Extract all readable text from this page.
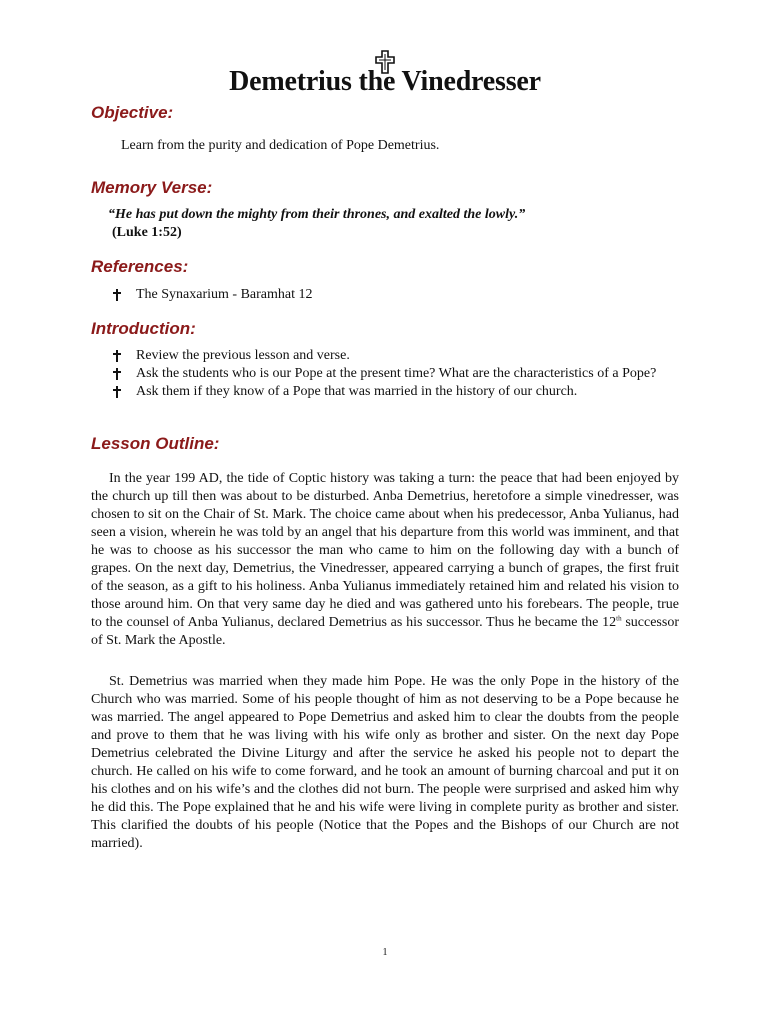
Demetrius the Vinedresser
Objective:
Learn from the purity and dedication of Pope Demetrius.
Memory Verse:
“He has put down the mighty from their thrones, and exalted the lowly.”
(Luke 1:52)
References:
The Synaxarium - Baramhat 12
Introduction:
Review the previous lesson and verse.
Ask the students who is our Pope at the present time? What are the characteristics of a Pope?
Ask them if they know of a Pope that was married in the history of our church.
Lesson Outline:

In the year 199 AD, the tide of Coptic history was taking a turn: the peace that had been enjoyed by the church up till then was about to be disturbed. Anba Demetrius, heretofore a simple vinedresser, was chosen to sit on the Chair of St. Mark. The choice came about when his predecessor, Anba Yulianus, had seen a vision, wherein he was told by an angel that his departure from this world was imminent, and that he was to choose as his successor the man who came to him on the following day with a bunch of grapes. On the next day, Demetrius, the Vinedresser, appeared carrying a bunch of grapes, the first fruit of the season, as a gift to his holiness. Anba Yulianus immediately retained him and related his vision to those around him. On that very same day he died and was gathered unto his forebears. The people, true to the counsel of Anba Yulianus, declared Demetrius as his successor. Thus he became the 12th successor of St. Mark the Apostle.

St. Demetrius was married when they made him Pope. He was the only Pope in the history of the Church who was married. Some of his people thought of him as not deserving to be a Pope because he was married. The angel appeared to Pope Demetrius and asked him to clear the doubts from the people and prove to them that he was living with his wife only as brother and sister. On the next day Pope Demetrius celebrated the Divine Liturgy and after the service he asked his people not to depart the church. He called on his wife to come forward, and he took an amount of burning charcoal and put it on his clothes and on his wife’s and the clothes did not burn. The people were surprised and asked him why he did this. The Pope explained that he and his wife were living in complete purity as brother and sister. This clarified the doubts of his people (Notice that the Popes and the Bishops of our Church are not married).

1
